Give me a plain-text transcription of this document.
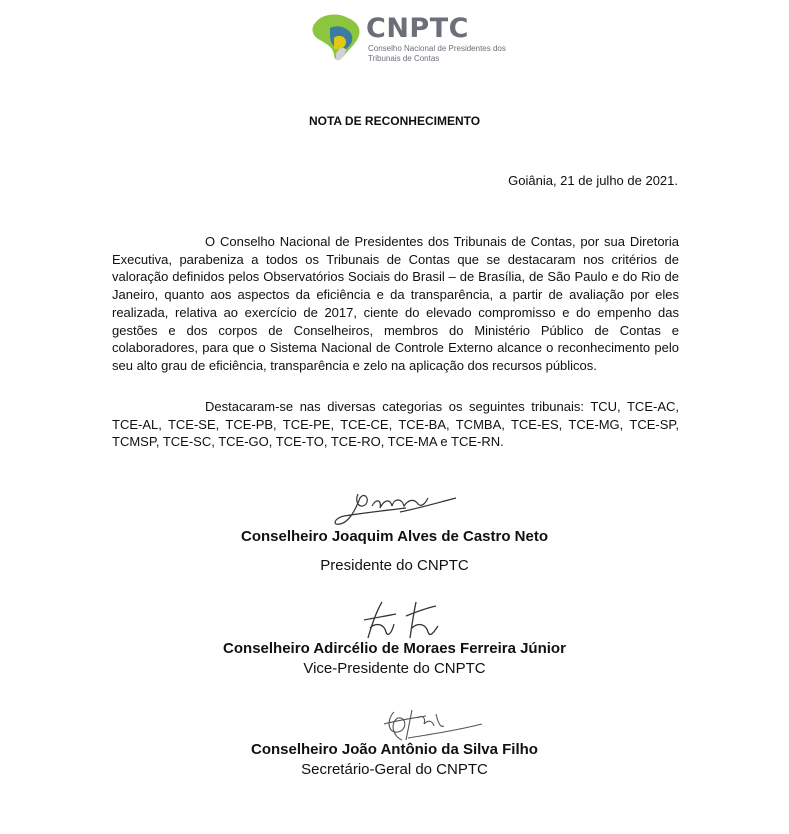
CNPTC
Conselho Nacional de Presidentes dos Tribunais de Contas
NOTA DE RECONHECIMENTO
Goiânia, 21 de julho de 2021.

O Conselho Nacional de Presidentes dos Tribunais de Contas, por sua Diretoria Executiva, parabeniza a todos os Tribunais de Contas que se destacaram nos critérios de valoração definidos pelos Observatórios Sociais do Brasil – de Brasília, de São Paulo e do Rio de Janeiro, quanto aos aspectos da eficiência e da transparência, a partir de avaliação por eles realizada, relativa ao exercício de 2017, ciente do elevado compromisso e do empenho das gestões e dos corpos de Conselheiros, membros do Ministério Público de Contas e colaboradores, para que o Sistema Nacional de Controle Externo alcance o reconhecimento pelo seu alto grau de eficiência, transparência e zelo na aplicação dos recursos públicos.

Destacaram-se nas diversas categorias os seguintes tribunais: TCU, TCE-AC, TCE-AL, TCE-SE, TCE-PB, TCE-PE, TCE-CE, TCE-BA, TCMBA, TCE-ES, TCE-MG, TCE-SP, TCMSP, TCE-SC, TCE-GO, TCE-TO, TCE-RO, TCE-MA e TCE-RN.

Conselheiro Joaquim Alves de Castro Neto
Presidente do CNPTC
Conselheiro Adircélio de Moraes Ferreira Júnior
Vice-Presidente do CNPTC
Conselheiro João Antônio da Silva Filho
Secretário-Geral do CNPTC
